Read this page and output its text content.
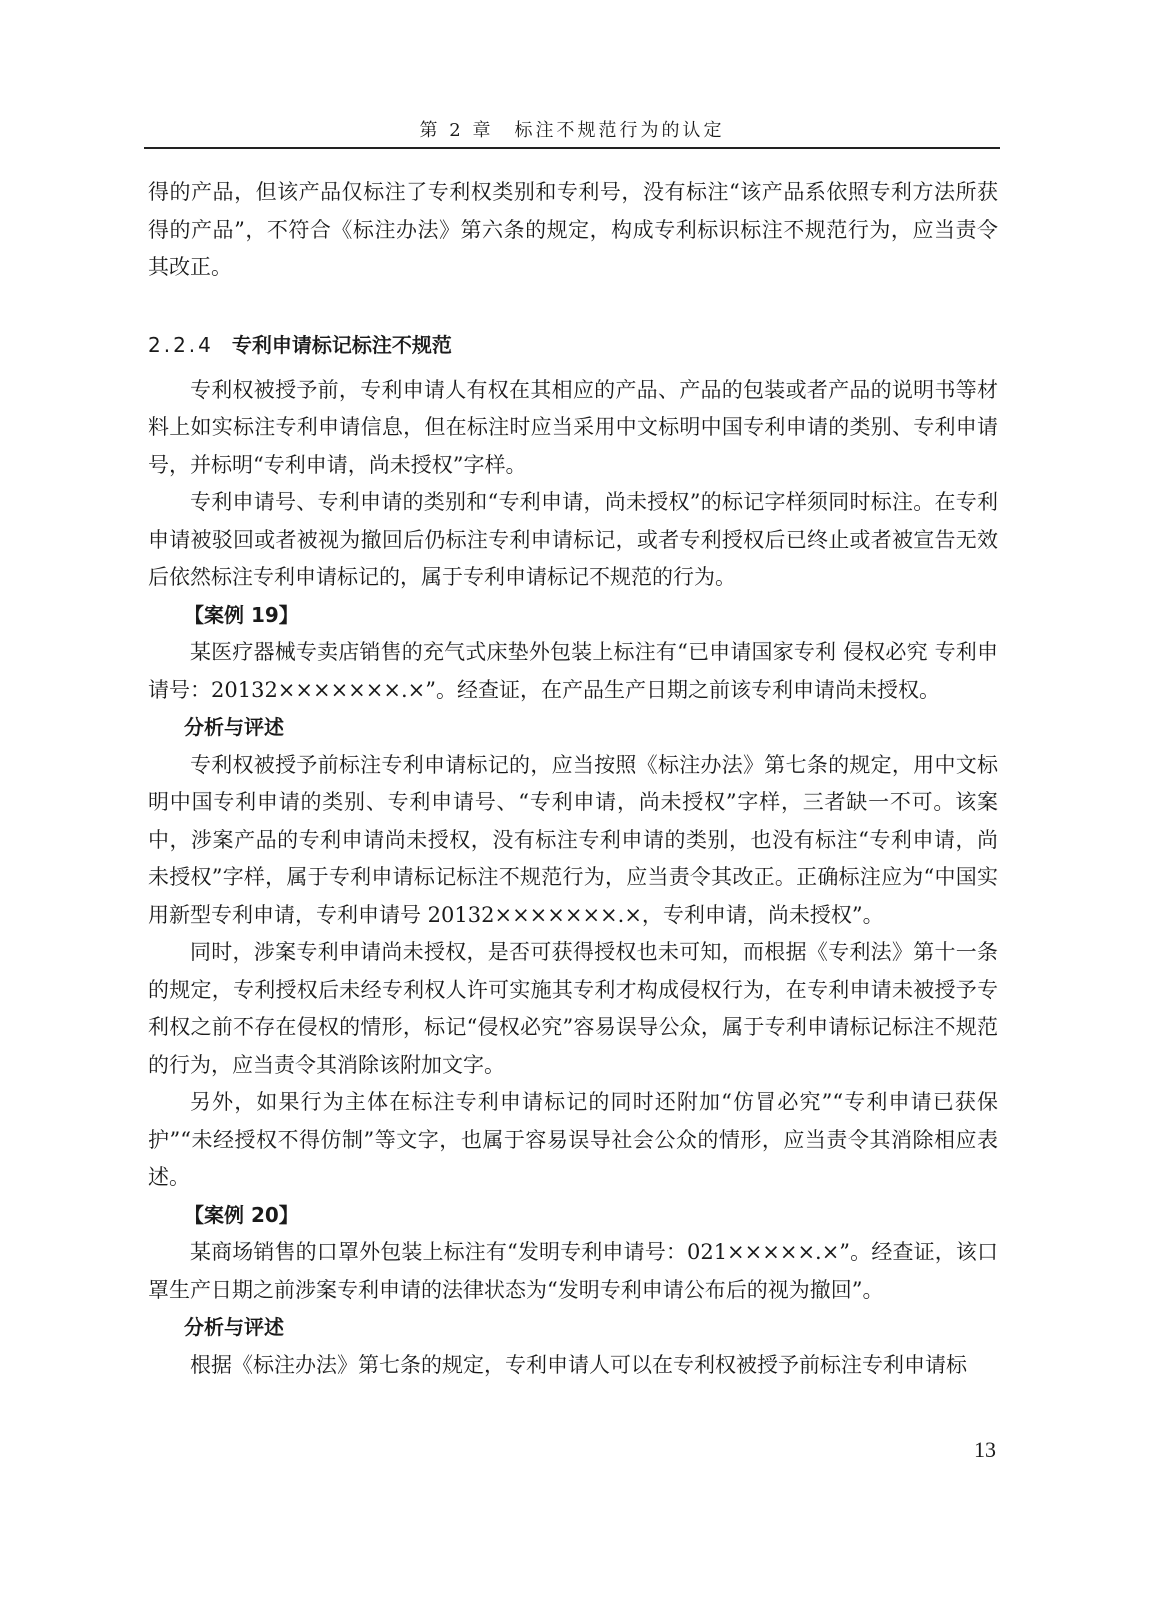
第 2 章　标注不规范行为的认定

得的产品，但该产品仅标注了专利权类别和专利号，没有标注“该产品系依照专利方法所获得的产品”，不符合《标注办法》第六条的规定，构成专利标识标注不规范行为，应当责令其改正。

2.2.4 专利申请标记标注不规范

专利权被授予前，专利申请人有权在其相应的产品、产品的包装或者产品的说明书等材料上如实标注专利申请信息，但在标注时应当采用中文标明中国专利申请的类别、专利申请号，并标明“专利申请，尚未授权”字样。

专利申请号、专利申请的类别和“专利申请，尚未授权”的标记字样须同时标注。在专利申请被驳回或者被视为撤回后仍标注专利申请标记，或者专利授权后已终止或者被宣告无效后依然标注专利申请标记的，属于专利申请标记不规范的行为。

【案例 19】

某医疗器械专卖店销售的充气式床垫外包装上标注有“已申请国家专利 侵权必究 专利申请号：20132×××××××.×”。经查证，在产品生产日期之前该专利申请尚未授权。

分析与评述

专利权被授予前标注专利申请标记的，应当按照《标注办法》第七条的规定，用中文标明中国专利申请的类别、专利申请号、“专利申请，尚未授权”字样，三者缺一不可。该案中，涉案产品的专利申请尚未授权，没有标注专利申请的类别，也没有标注“专利申请，尚未授权”字样，属于专利申请标记标注不规范行为，应当责令其改正。正确标注应为“中国实用新型专利申请，专利申请号 20132×××××××.×，专利申请，尚未授权”。

同时，涉案专利申请尚未授权，是否可获得授权也未可知，而根据《专利法》第十一条的规定，专利授权后未经专利权人许可实施其专利才构成侵权行为，在专利申请未被授予专利权之前不存在侵权的情形，标记“侵权必究”容易误导公众，属于专利申请标记标注不规范的行为，应当责令其消除该附加文字。

另外，如果行为主体在标注专利申请标记的同时还附加“仿冒必究”“专利申请已获保护”“未经授权不得仿制”等文字，也属于容易误导社会公众的情形，应当责令其消除相应表述。

【案例 20】

某商场销售的口罩外包装上标注有“发明专利申请号：021×××××.×”。经查证，该口罩生产日期之前涉案专利申请的法律状态为“发明专利申请公布后的视为撤回”。

分析与评述

根据《标注办法》第七条的规定，专利申请人可以在专利权被授予前标注专利申请标

13
